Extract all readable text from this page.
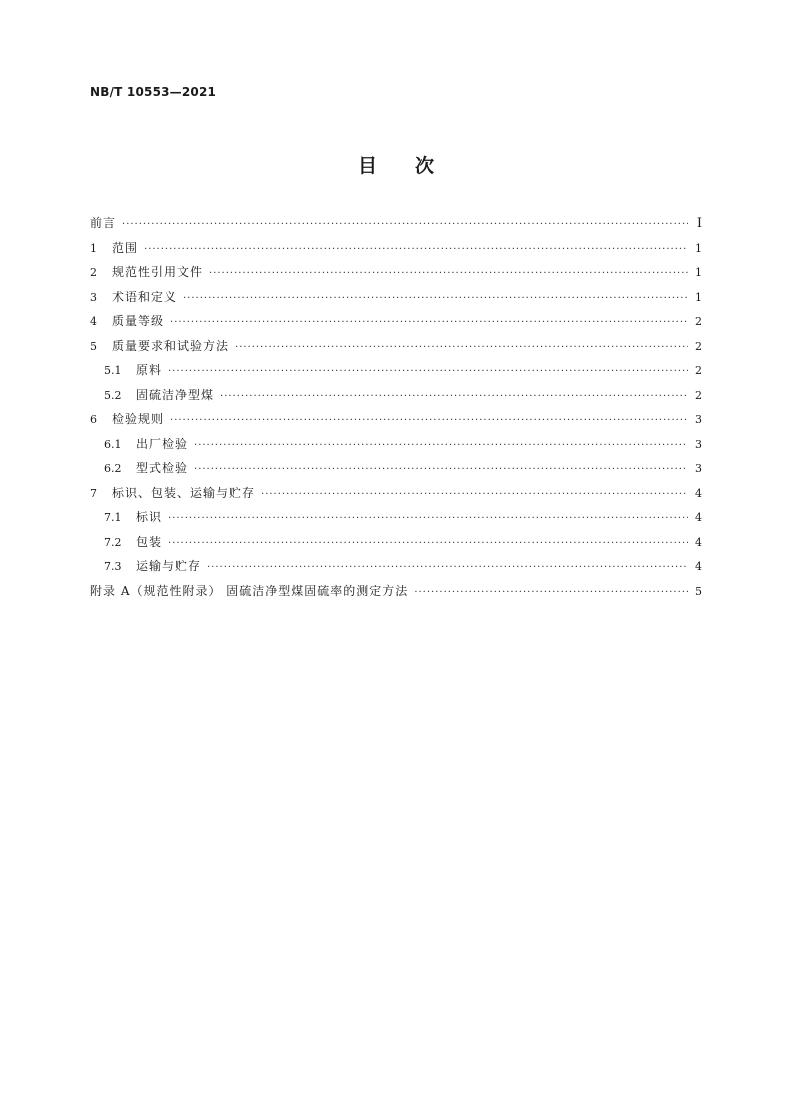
NB/T 10553—2021
目 次
前言 ·····	Ⅰ
1	范围 ·····	1
2	规范性引用文件 ·····	1
3	术语和定义 ·····	1
4	质量等级 ·····	2
5	质量要求和试验方法 ·····	2
5.1	原料 ·····	2
5.2	固硫洁净型煤 ·····	2
6	检验规则 ·····	3
6.1	出厂检验 ·····	3
6.2	型式检验 ·····	3
7	标识、包装、运输与贮存 ·····	4
7.1	标识 ·····	4
7.2	包装 ·····	4
7.3	运输与贮存 ·····	4
附录 A（规范性附录） 固硫洁净型煤固硫率的测定方法 ·····	5
